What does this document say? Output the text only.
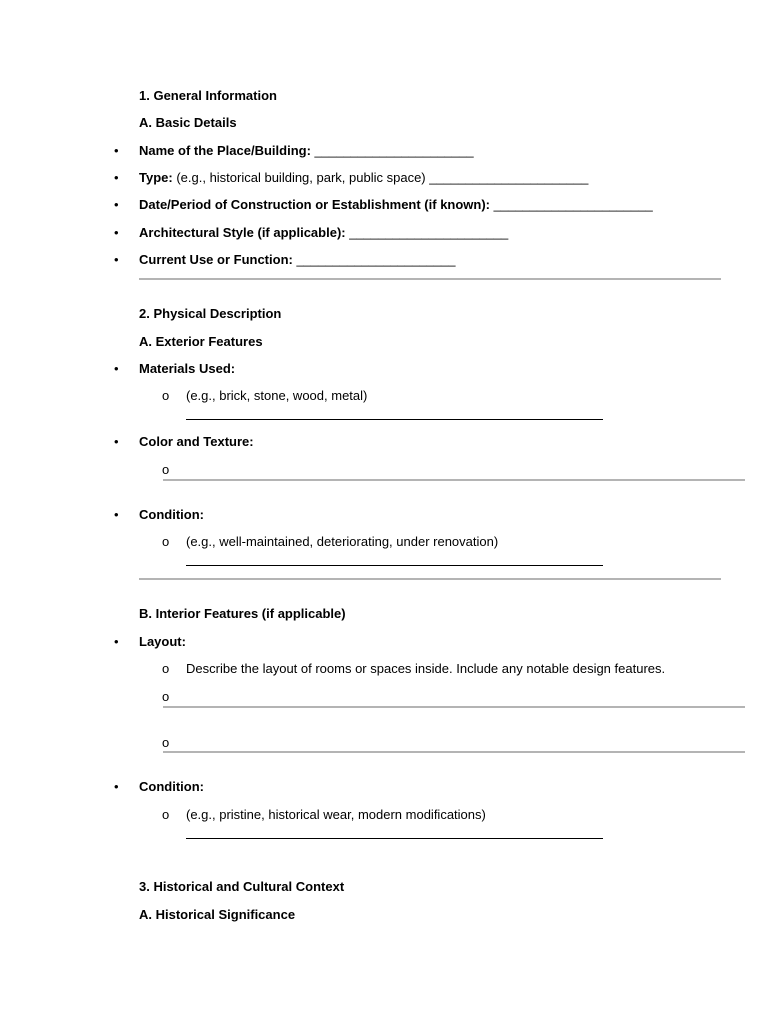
1. General Information
A. Basic Details
• Name of the Place/Building: ______________________
• Type: (e.g., historical building, park, public space) ______________________
• Date/Period of Construction or Establishment (if known): ______________________
• Architectural Style (if applicable): ______________________
• Current Use or Function: ______________________
2. Physical Description
A. Exterior Features
• Materials Used:
o (e.g., brick, stone, wood, metal)
• Color and Texture:
o
• Condition:
o (e.g., well-maintained, deteriorating, under renovation)
B. Interior Features (if applicable)
• Layout:
o Describe the layout of rooms or spaces inside. Include any notable design features.
o
o
• Condition:
o (e.g., pristine, historical wear, modern modifications)
3. Historical and Cultural Context
A. Historical Significance
